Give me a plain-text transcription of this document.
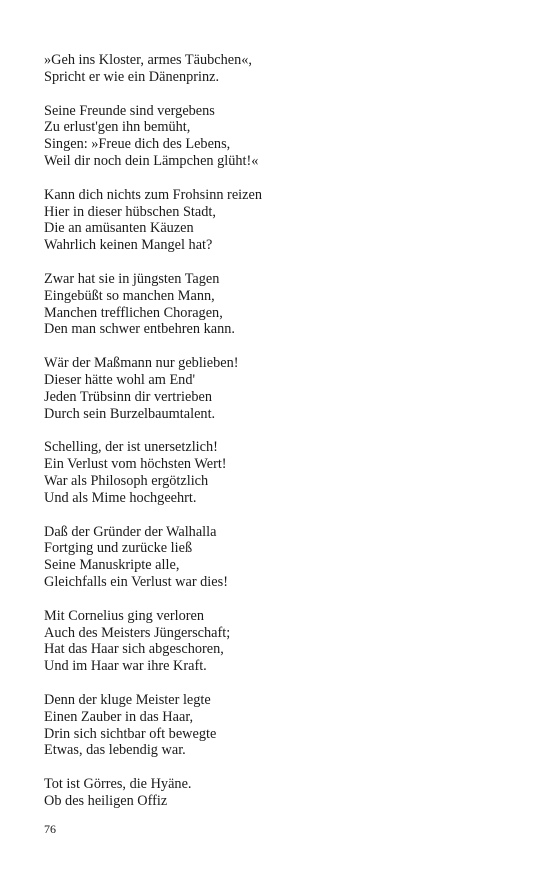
»Geh ins Kloster, armes Täubchen«,
Spricht er wie ein Dänenprinz.
Seine Freunde sind vergebens
Zu erlust'gen ihn bemüht,
Singen: »Freue dich des Lebens,
Weil dir noch dein Lämpchen glüht!«
Kann dich nichts zum Frohsinn reizen
Hier in dieser hübschen Stadt,
Die an amüsanten Käuzen
Wahrlich keinen Mangel hat?
Zwar hat sie in jüngsten Tagen
Eingebüßt so manchen Mann,
Manchen trefflichen Choragen,
Den man schwer entbehren kann.
Wär der Maßmann nur geblieben!
Dieser hätte wohl am End'
Jeden Trübsinn dir vertrieben
Durch sein Burzelbaumtalent.
Schelling, der ist unersetzlich!
Ein Verlust vom höchsten Wert!
War als Philosoph ergötzlich
Und als Mime hochgeehrt.
Daß der Gründer der Walhalla
Fortging und zurücke ließ
Seine Manuskripte alle,
Gleichfalls ein Verlust war dies!
Mit Cornelius ging verloren
Auch des Meisters Jüngerschaft;
Hat das Haar sich abgeschoren,
Und im Haar war ihre Kraft.
Denn der kluge Meister legte
Einen Zauber in das Haar,
Drin sich sichtbar oft bewegte
Etwas, das lebendig war.
Tot ist Görres, die Hyäne.
Ob des heiligen Offiz
76
